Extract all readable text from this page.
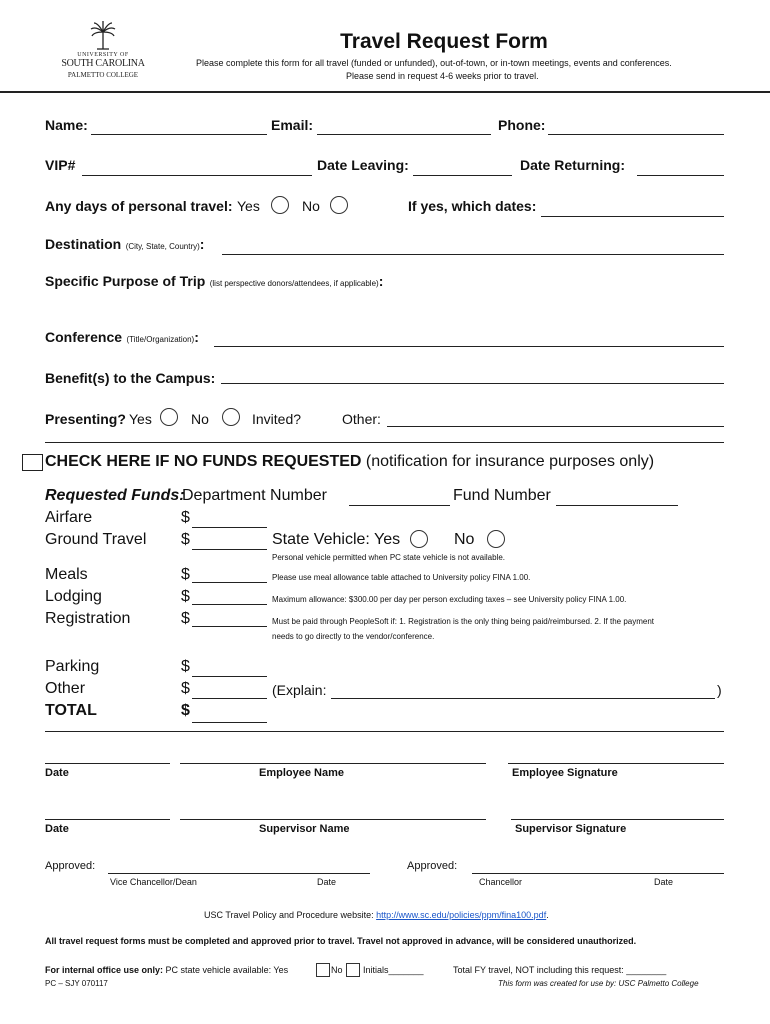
UNIVERSITY OF
SOUTH CAROLINA
PALMETTO COLLEGE
Travel Request Form
Please complete this form for all travel (funded or unfunded), out-of-town, or in-town meetings, events and conferences.
Please send in request 4-6 weeks prior to travel.
Name:	Email:	Phone:
VIP#	Date Leaving:	Date Returning:
Any days of personal travel: Yes	No	If yes, which dates:
Destination (City, State, Country):
Specific Purpose of Trip (list perspective donors/attendees, if applicable):
Conference (Title/Organization):
Benefit(s) to the Campus:
Presenting? Yes	No	Invited?	Other:
CHECK HERE IF NO FUNDS REQUESTED (notification for insurance purposes only)
Requested Funds:
Department Number	Fund Number
Airfare	$
Ground Travel $	State Vehicle: Yes	No
Personal vehicle permitted when PC state vehicle is not available.
Meals	$	Please use meal allowance table attached to University policy FINA 1.00.
Lodging	$	Maximum allowance: $300.00 per day per person excluding taxes – see University policy FINA 1.00.
Registration	$	Must be paid through PeopleSoft if: 1. Registration is the only thing being paid/reimbursed. 2. If the payment
needs to go directly to the vendor/conference.
Parking	$
Other	$	(Explain:	)
TOTAL	$
Date	Employee Name	Employee Signature
Date	Supervisor Name	Supervisor Signature
Approved:
Vice Chancellor/Dean	Date
Approved:
Chancellor	Date
USC Travel Policy and Procedure website: http://www.sc.edu/policies/ppm/fina100.pdf.
All travel request forms must be completed and approved prior to travel. Travel not approved in advance, will be considered unauthorized.
For internal office use only: PC state vehicle available: Yes	No Initials_______	Total FY travel, NOT including this request: ________
PC – SJY 070117	This form was created for use by: USC Palmetto College
